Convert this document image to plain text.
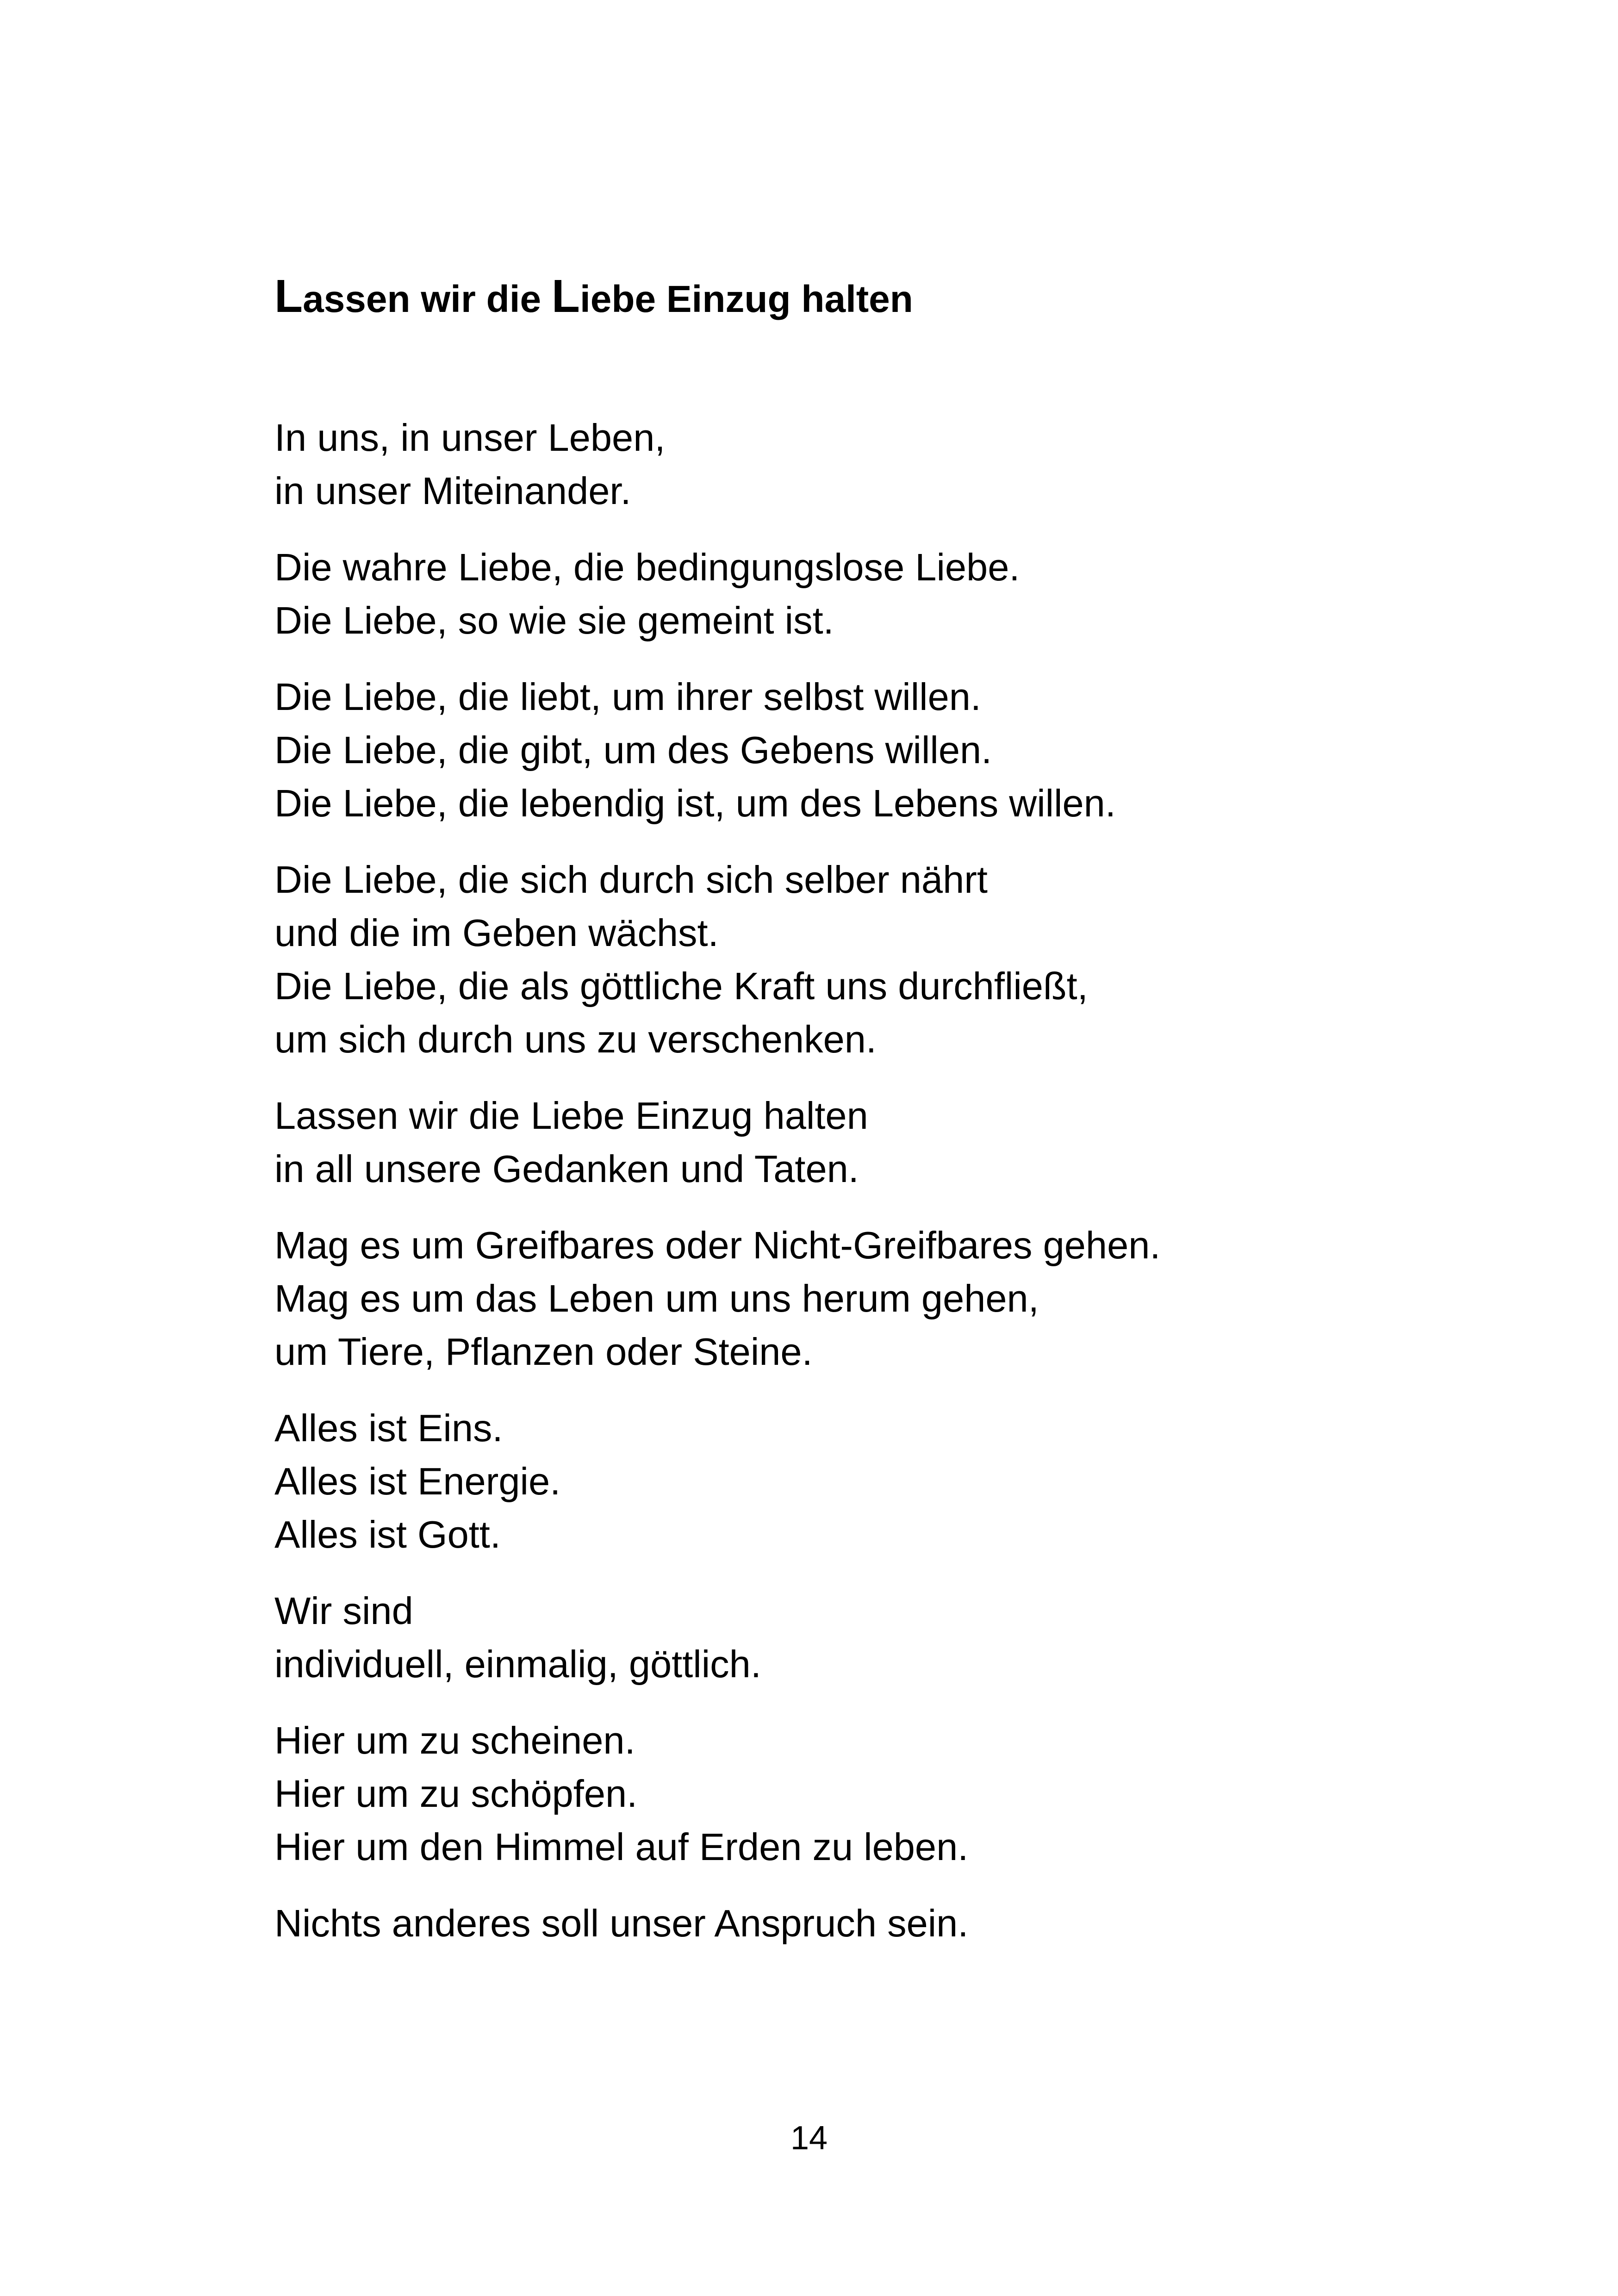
Lassen wir die Liebe Einzug halten
In uns, in unser Leben,
in unser Miteinander.
Die wahre Liebe, die bedingungslose Liebe.
Die Liebe, so wie sie gemeint ist.
Die Liebe, die liebt, um ihrer selbst willen.
Die Liebe, die gibt, um des Gebens willen.
Die Liebe, die lebendig ist, um des Lebens willen.
Die Liebe, die sich durch sich selber nährt
und die im Geben wächst.
Die Liebe, die als göttliche Kraft uns durchfließt,
um sich durch uns zu verschenken.
Lassen wir die Liebe Einzug halten
in all unsere Gedanken und Taten.
Mag es um Greifbares oder Nicht-Greifbares gehen.
Mag es um das Leben um uns herum gehen,
um Tiere, Pflanzen oder Steine.
Alles ist Eins.
Alles ist Energie.
Alles ist Gott.
Wir sind
individuell, einmalig, göttlich.
Hier um zu scheinen.
Hier um zu schöpfen.
Hier um den Himmel auf Erden zu leben.
Nichts anderes soll unser Anspruch sein.
14
